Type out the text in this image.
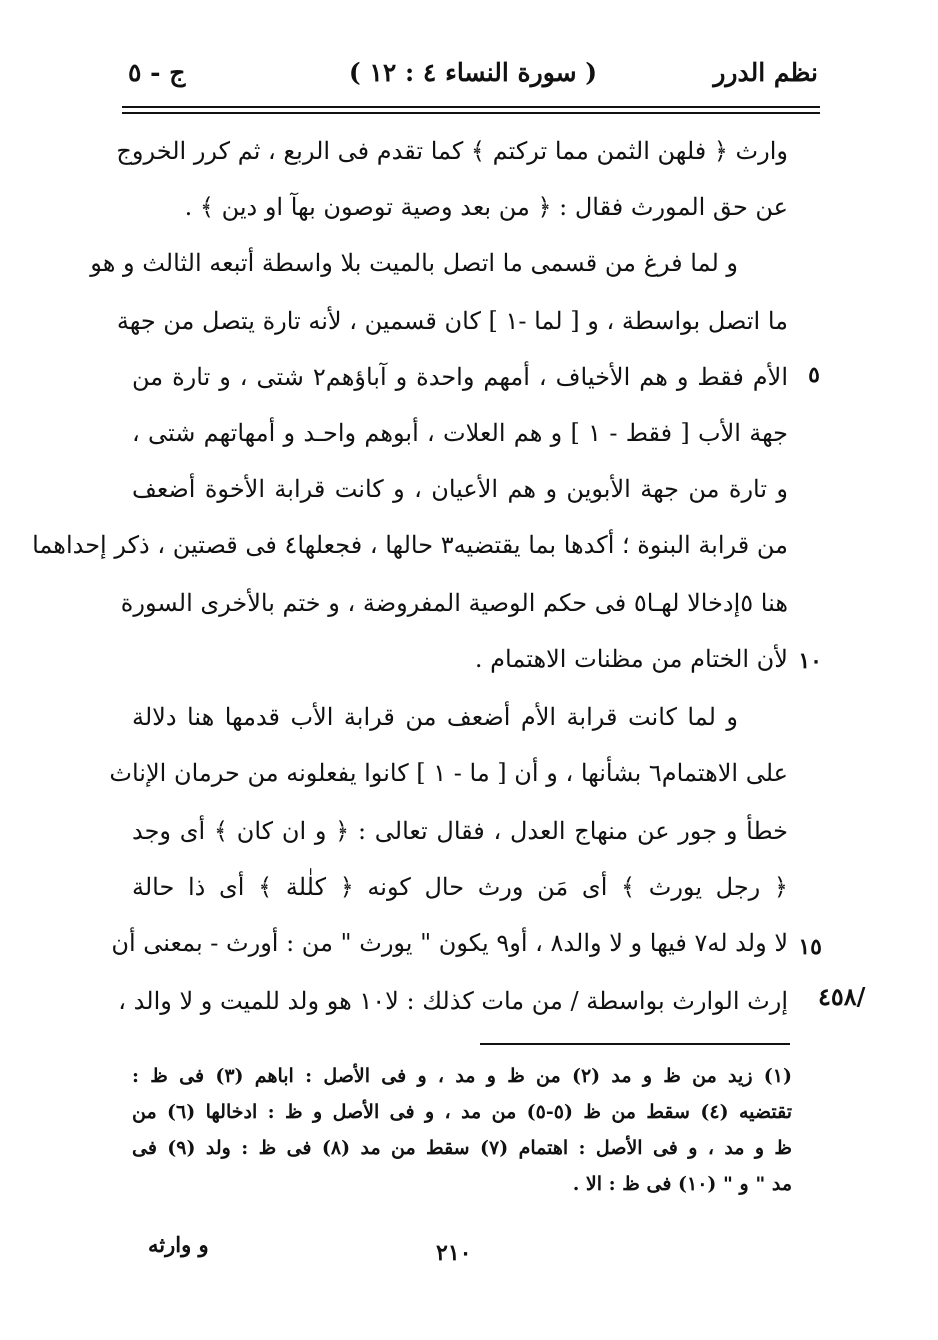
نظم الدرر
( سورة النساء ٤ : ١٢ )
ج - ٥
وارث ﴿ فلهن الثمن مما تركتم ﴾ كما تقدم فى الربع ، ثم كرر الخروج
عن حق المورث فقال : ﴿ من بعد وصية توصون بهآ او دين ﴾ .
و لما فرغ من قسمى ما اتصل بالميت بلا واسطة أتبعه الثالث و هو
ما اتصل بواسطة ، و [ لما -١ ] كان قسمين ، لأنه تارة يتصل من جهة
الأم فقط و هم الأخياف ، أمهم واحدة و آباؤهم٢ شتى ، و تارة من
جهة الأب [ فقط - ١ ] و هم العلات ، أبوهم واحـد و أمهاتهم شتى ،
و تارة من جهة الأبوين و هم الأعيان ، و كانت قرابة الأخوة أضعف
من قرابة البنوة ؛ أكدها بما يقتضيه٣ حالها ، فجعلها٤ فى قصتين ، ذكر إحداهما
هنا ٥إدخالا لهـا٥ فى حكم الوصية المفروضة ، و ختم بالأخرى السورة
لأن الختام من مظنات الاهتمام .
و لما كانت قرابة الأم أضعف من قرابة الأب قدمها هنا دلالة
على الاهتمام٦ بشأنها ، و أن [ ما - ١ ] كانوا يفعلونه من حرمان الإناث
خطأ و جور عن منهاج العدل ، فقال تعالى : ﴿ و ان كان ﴾ أى وجد
﴿ رجل يورث ﴾ أى مَن ورث حال كونه ﴿ كلٰلة ﴾ أى ذا حالة
لا ولد له٧ فيها و لا والد٨ ، أو٩ يكون " يورث " من : أورث - بمعنى أن
إرث الوارث بواسطة / من مات كذلك : لا١٠ هو ولد للميت و لا والد ،
٥
١٠
١٥
٤٥٨/
(١) زيد من ظ و مد (٢) من ظ و مد ، و فى الأصل : اباهم (٣) فى ظ :
تقتضيه (٤) سقط من ظ (٥-٥) من مد ، و فى الأصل و ظ : ادخالها (٦) من
ظ و مد ، و فى الأصل : اهتمام (٧) سقط من مد (٨) فى ظ : ولد (٩) فى
مد " و " (١٠) فى ظ : الا .
٢١٠
و وارثه
